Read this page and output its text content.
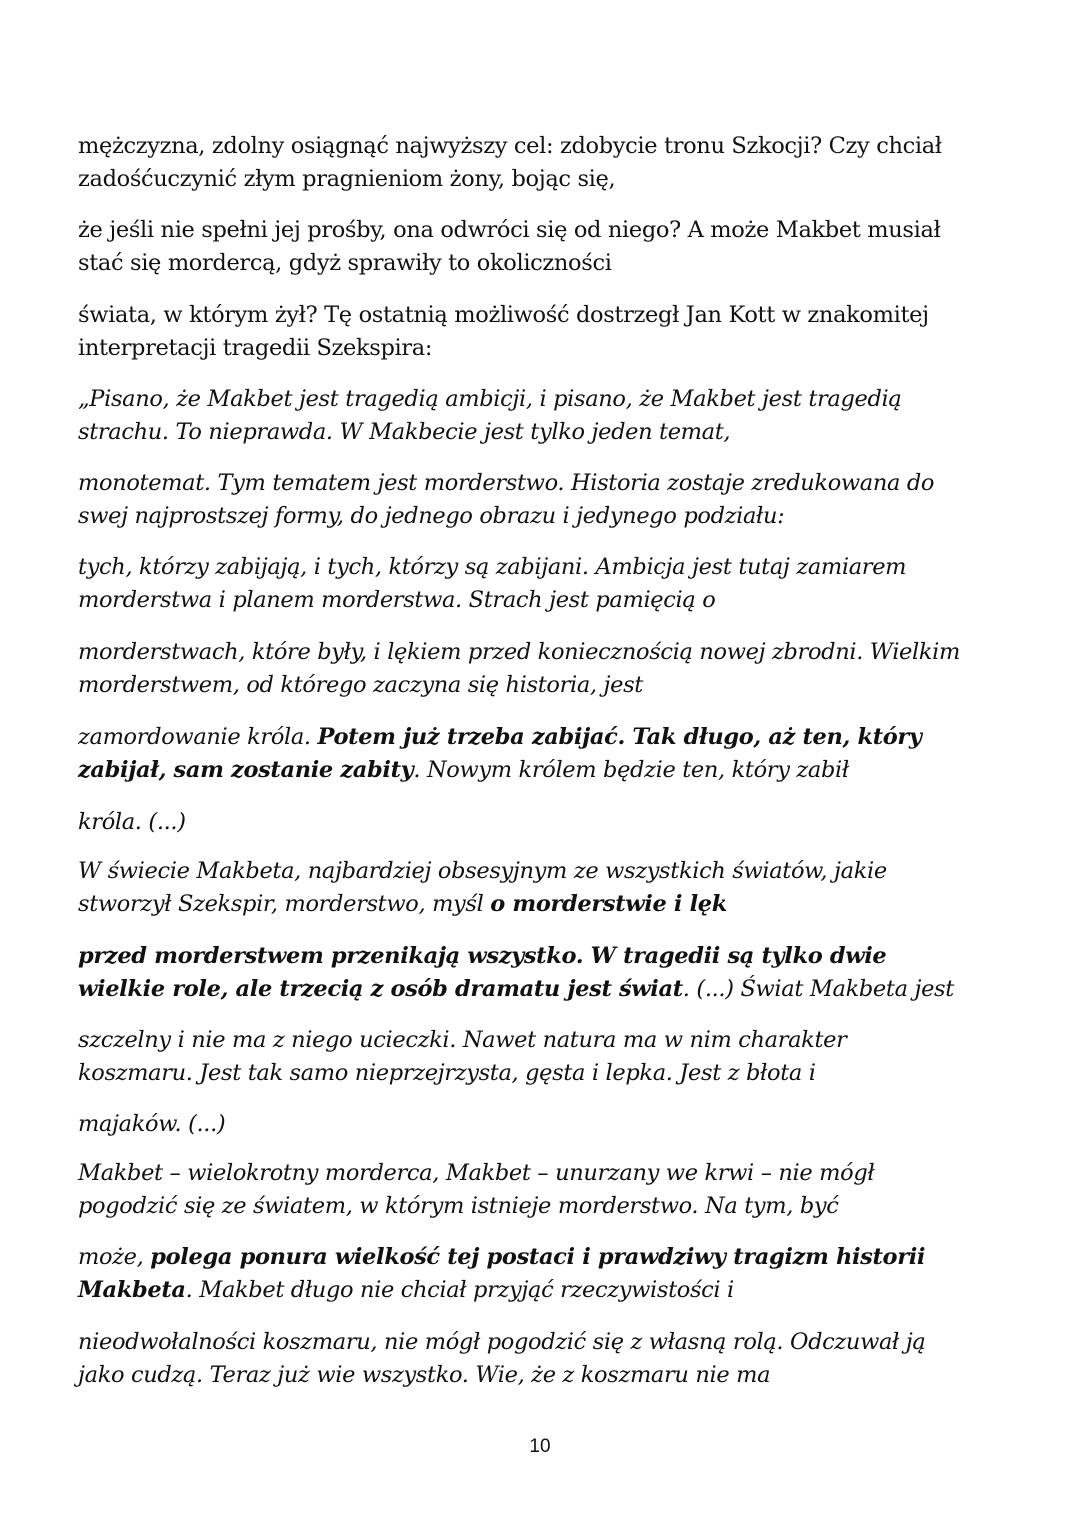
mężczyzna, zdolny osiągnąć najwyższy cel: zdobycie tronu Szkocji? Czy chciał
zadośćuczynić złym pragnieniom żony, bojąc się,
że jeśli nie spełni jej prośby, ona odwróci się od niego? A może Makbet musiał
stać się mordercą, gdyż sprawiły to okoliczności
świata, w którym żył? Tę ostatnią możliwość dostrzegł Jan Kott w znakomitej
interpretacji tragedii Szekspira:
„Pisano, że Makbet jest tragedią ambicji, i pisano, że Makbet jest tragedią
strachu. To nieprawda. W Makbecie jest tylko jeden temat,
monotemat. Tym tematem jest morderstwo. Historia zostaje zredukowana do
swej najprostszej formy, do jednego obrazu i jedynego podziału:
tych, którzy zabijają, i tych, którzy są zabijani. Ambicja jest tutaj zamiarem
morderstwa i planem morderstwa. Strach jest pamięcią o
morderstwach, które były, i lękiem przed koniecznością nowej zbrodni. Wielkim
morderstwem, od którego zaczyna się historia, jest
zamordowanie króla. Potem już trzeba zabijać. Tak długo, aż ten, który
zabijał, sam zostanie zabity. Nowym królem będzie ten, który zabił
króla. (...)
W świecie Makbeta, najbardziej obsesyjnym ze wszystkich światów, jakie
stworzył Szekspir, morderstwo, myśl o morderstwie i lęk
przed morderstwem przenikają wszystko. W tragedii są tylko dwie
wielkie role, ale trzecią z osób dramatu jest świat. (...) Świat Makbeta jest
szczelny i nie ma z niego ucieczki. Nawet natura ma w nim charakter
koszmaru. Jest tak samo nieprzejrzysta, gęsta i lepka. Jest z błota i
majaków. (...)
Makbet – wielokrotny morderca, Makbet – unurzany we krwi – nie mógł
pogodzić się ze światem, w którym istnieje morderstwo. Na tym, być
może, polega ponura wielkość tej postaci i prawdziwy tragizm historii
Makbeta. Makbet długo nie chciał przyjąć rzeczywistości i
nieodwołalności koszmaru, nie mógł pogodzić się z własną rolą. Odczuwał ją
jako cudzą. Teraz już wie wszystko. Wie, że z koszmaru nie ma
10
